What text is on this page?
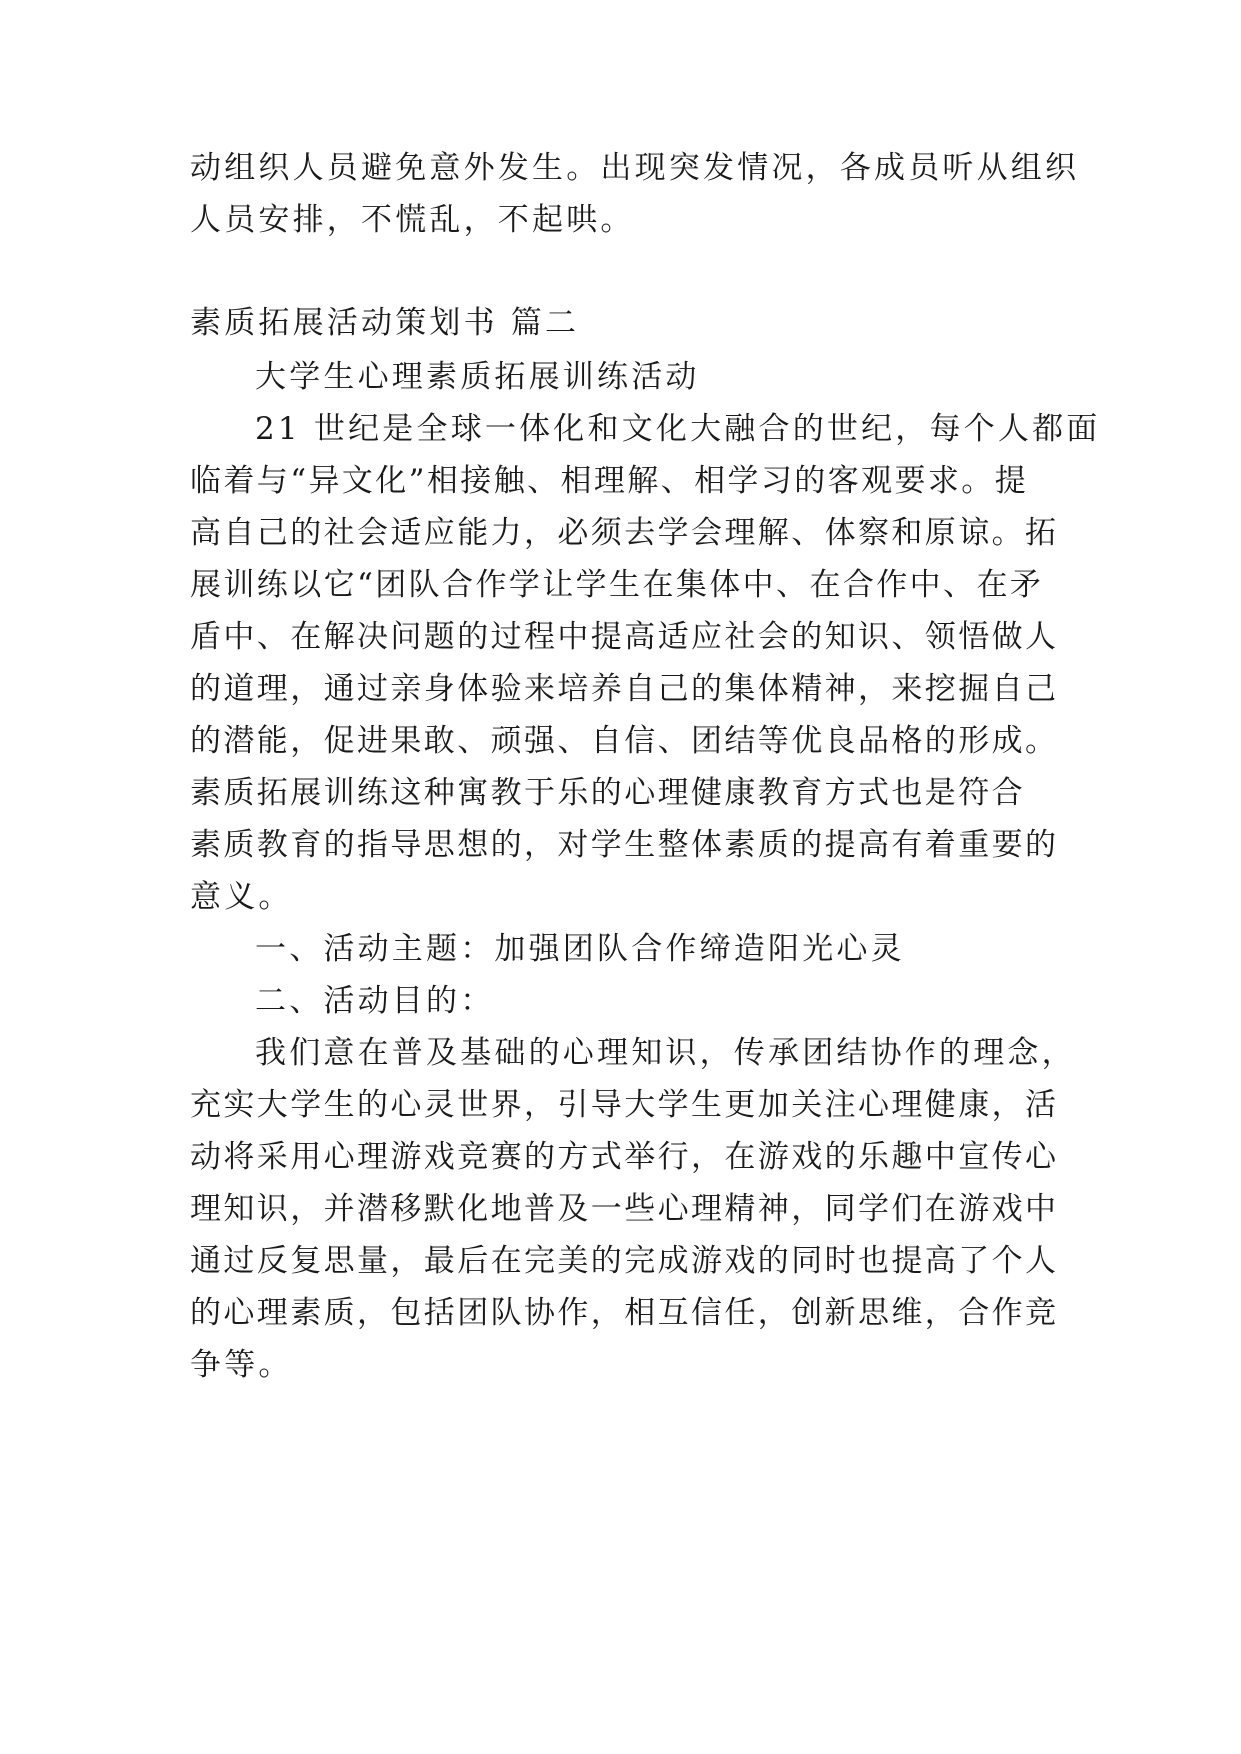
动组织人员避免意外发生。出现突发情况，各成员听从组织
人员安排，不慌乱，不起哄。
素质拓展活动策划书 篇二
大学生心理素质拓展训练活动
21 世纪是全球一体化和文化大融合的世纪，每个人都面
临着与“异文化”相接触、相理解、相学习的客观要求。提
高自己的社会适应能力，必须去学会理解、体察和原谅。拓
展训练以它“团队合作学让学生在集体中、在合作中、在矛
盾中、在解决问题的过程中提高适应社会的知识、领悟做人
的道理，通过亲身体验来培养自己的集体精神，来挖掘自己
的潜能，促进果敢、顽强、自信、团结等优良品格的形成。
素质拓展训练这种寓教于乐的心理健康教育方式也是符合
素质教育的指导思想的，对学生整体素质的提高有着重要的
意义。
一、活动主题：加强团队合作缔造阳光心灵
二、活动目的：
我们意在普及基础的心理知识，传承团结协作的理念，
充实大学生的心灵世界，引导大学生更加关注心理健康，活
动将采用心理游戏竞赛的方式举行，在游戏的乐趣中宣传心
理知识，并潜移默化地普及一些心理精神，同学们在游戏中
通过反复思量，最后在完美的完成游戏的同时也提高了个人
的心理素质，包括团队协作，相互信任，创新思维，合作竞
争等。
